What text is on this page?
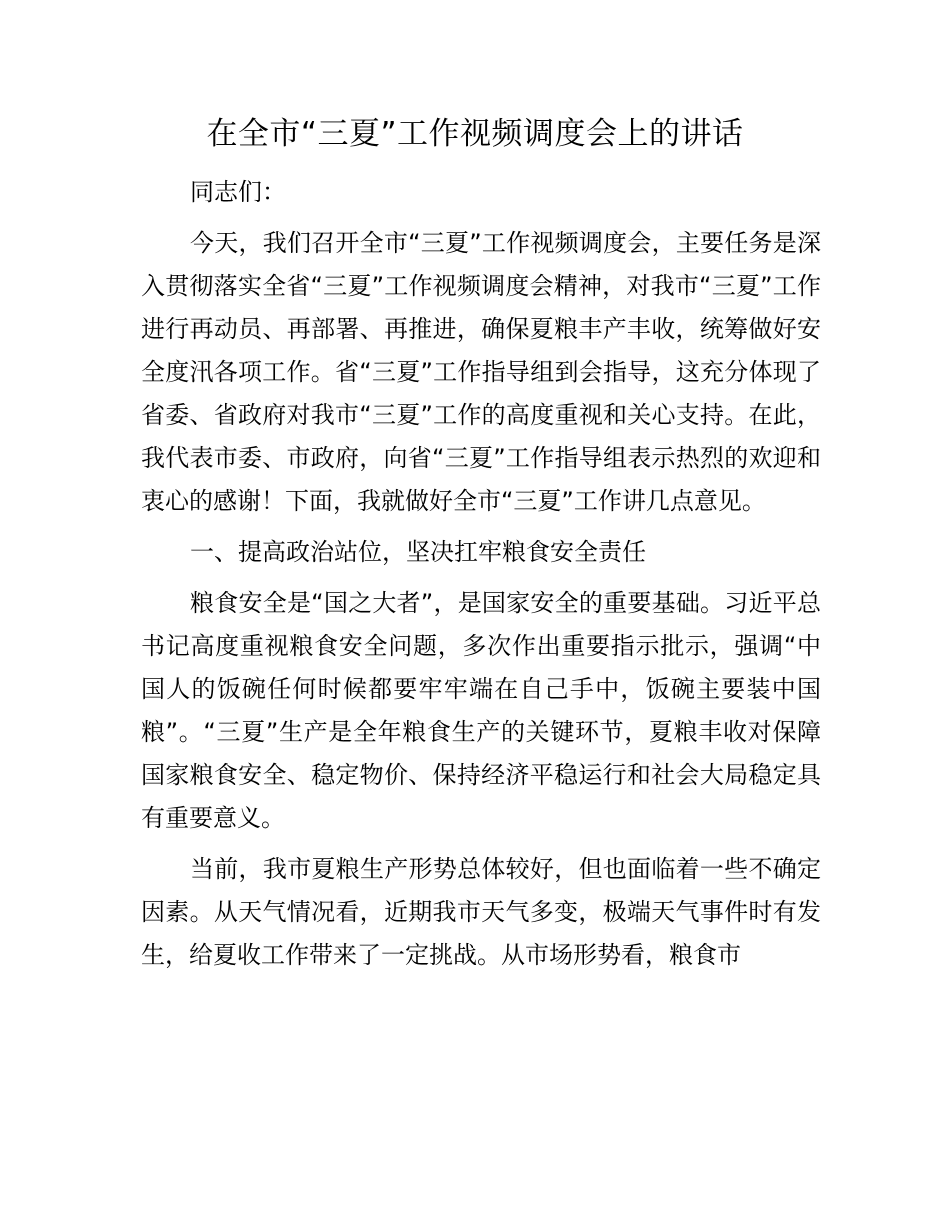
在全市“三夏”工作视频调度会上的讲话

同志们：

今天，我们召开全市“三夏”工作视频调度会，主要任务是深入贯彻落实全省“三夏”工作视频调度会精神，对我市“三夏”工作进行再动员、再部署、再推进，确保夏粮丰产丰收，统筹做好安全度汛各项工作。省“三夏”工作指导组到会指导，这充分体现了省委、省政府对我市“三夏”工作的高度重视和关心支持。在此，我代表市委、市政府，向省“三夏”工作指导组表示热烈的欢迎和衷心的感谢！下面，我就做好全市“三夏”工作讲几点意见。

一、提高政治站位，坚决扛牢粮食安全责任

粮食安全是“国之大者”，是国家安全的重要基础。习近平总书记高度重视粮食安全问题，多次作出重要指示批示，强调“中国人的饭碗任何时候都要牢牢端在自己手中，饭碗主要装中国粮”。“三夏”生产是全年粮食生产的关键环节，夏粮丰收对保障国家粮食安全、稳定物价、保持经济平稳运行和社会大局稳定具有重要意义。

当前，我市夏粮生产形势总体较好，但也面临着一些不确定因素。从天气情况看，近期我市天气多变，极端天气事件时有发生，给夏收工作带来了一定挑战。从市场形势看，粮食市
